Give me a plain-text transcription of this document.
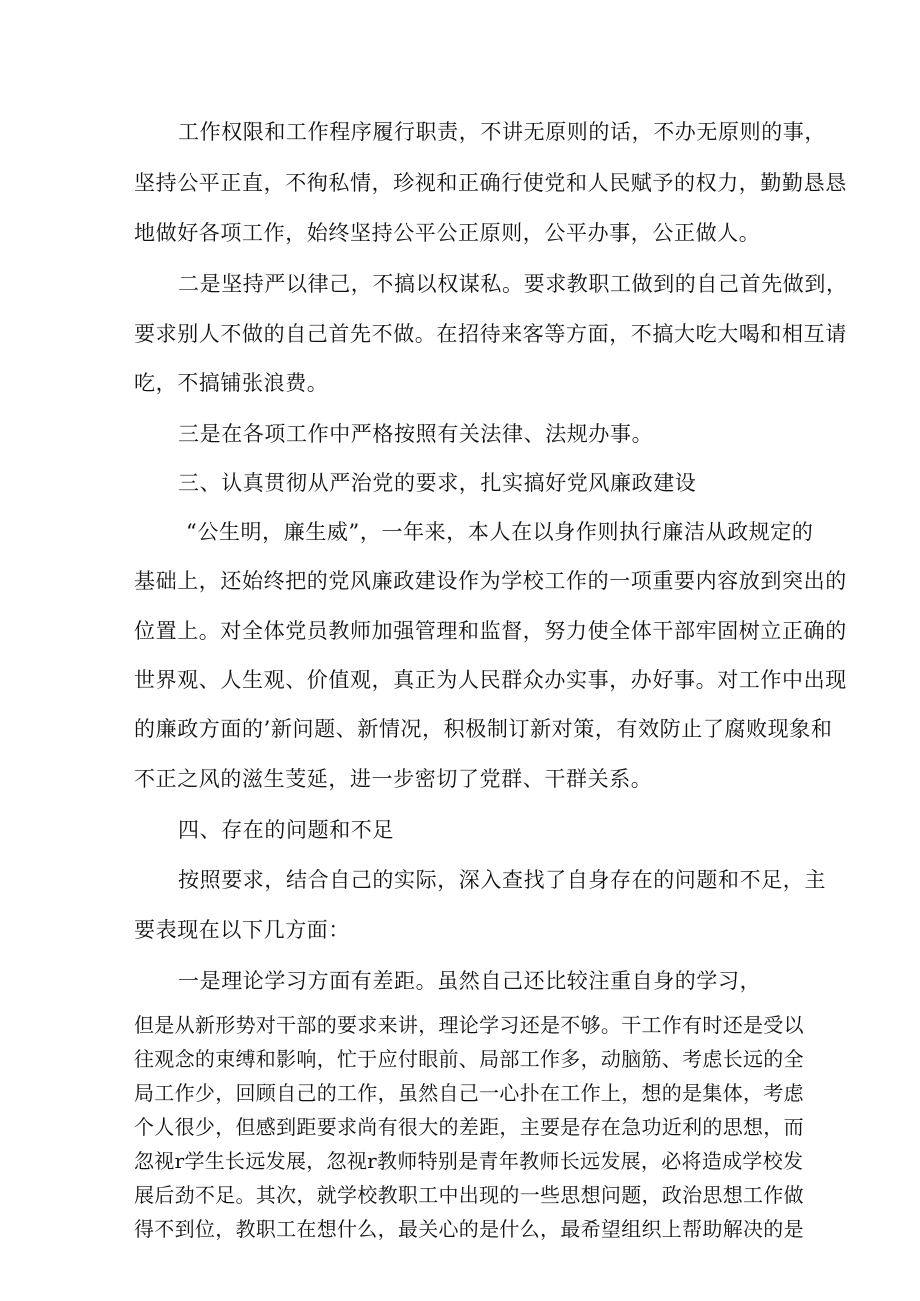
工作权限和工作程序履行职责，不讲无原则的话，不办无原则的事，
坚持公平正直，不徇私情，珍视和正确行使党和人民赋予的权力，勤勤恳恳
地做好各项工作，始终坚持公平公正原则，公平办事，公正做人。
二是坚持严以律己，不搞以权谋私。要求教职工做到的自己首先做到，
要求别人不做的自己首先不做。在招待来客等方面，不搞大吃大喝和相互请
吃，不搞铺张浪费。
三是在各项工作中严格按照有关法律、法规办事。
三、认真贯彻从严治党的要求，扎实搞好党风廉政建设
“公生明，廉生威”，一年来，本人在以身作则执行廉洁从政规定的
基础上，还始终把的党风廉政建设作为学校工作的一项重要内容放到突出的
位置上。对全体党员教师加强管理和监督，努力使全体干部牢固树立正确的
世界观、人生观、价值观，真正为人民群众办实事，办好事。对工作中出现
的廉政方面的’新问题、新情况，积极制订新对策，有效防止了腐败现象和
不正之风的滋生芰延，进一步密切了党群、干群关系。
四、存在的问题和不足
按照要求，结合自己的实际，深入查找了自身存在的问题和不足，主
要表现在以下几方面：
一是理论学习方面有差距。虽然自己还比较注重自身的学习，
但是从新形势对干部的要求来讲，理论学习还是不够。干工作有时还是受以
往观念的束缚和影响，忙于应付眼前、局部工作多，动脑筋、考虑长远的全
局工作少，回顾自己的工作，虽然自己一心扑在工作上，想的是集体，考虑
个人很少，但感到距要求尚有很大的差距，主要是存在急功近利的思想，而
忽视r学生长远发展，忽视r教师特别是青年教师长远发展，必将造成学校发
展后劲不足。其次，就学校教职工中出现的一些思想问题，政治思想工作做
得不到位，教职工在想什么，最关心的是什么，最希望组织上帮助解决的是
